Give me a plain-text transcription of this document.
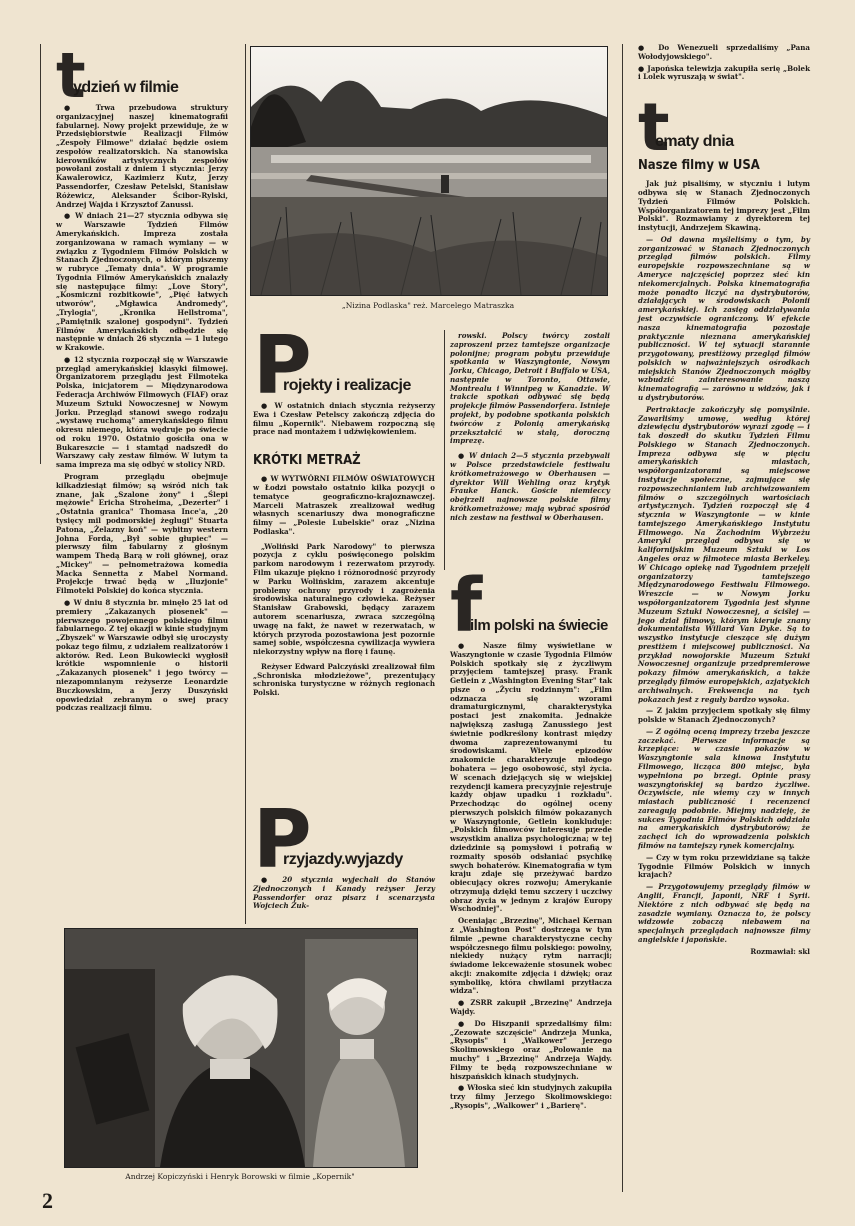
t
ydzień w filmie

● Trwa przebudowa struktury organizacyjnej naszej kinematografii fabularnej. Nowy projekt przewiduje, że w Przedsiębiorstwie Realizacji Filmów „Zespoły Filmowe" działać będzie osiem zespołów realizatorskich. Na stanowiska kierowników artystycznych zespołów powołani zostali z dniem 1 stycznia: Jerzy Kawalerowicz, Kazimierz Kutz, Jerzy Passendorfer, Czesław Petelski, Stanisław Różewicz, Aleksander Ścibor-Rylski, Andrzej Wajda i Krzysztof Zanussi.

● W dniach 21—27 stycznia odbywa się w Warszawie Tydzień Filmów Amerykańskich. Impreza została zorganizowana w ramach wymiany — w związku z Tygodniem Filmów Polskich w Stanach Zjednoczonych, o którym piszemy w rubryce „Tematy dnia". W programie Tygodnia Filmów Amerykańskich znalazły się następujące filmy: „Love Story", „Kosmiczni rozbitkowie", „Pięć łatwych utworów", „Mgławica Andromedy", „Trylogia", „Kronika Hellstroma", „Pamiętnik szalonej gospodyni". Tydzień Filmów Amerykańskich odbędzie się następnie w dniach 26 stycznia — 1 lutego w Krakowie.

● 12 stycznia rozpoczął się w Warszawie przegląd amerykańskiej klasyki filmowej. Organizatorem przeglądu jest Filmoteka Polska, inicjatorem — Międzynarodowa Federacja Archiwów Filmowych (FIAF) oraz Muzeum Sztuki Nowoczesnej w Nowym Jorku. Przegląd stanowi swego rodzaju „wystawę ruchomą" amerykańskiego filmu okresu niemego, która wędruje po świecie od roku 1970. Ostatnio gościła ona w Bukareszcie — i stamtąd nadszedł do Warszawy cały zestaw filmów. W lutym ta sama impreza ma się odbyć w stolicy NRD.

Program przeglądu obejmuje kilkadziesiąt filmów; są wśród nich tak znane, jak „Szalone żony" i „Ślepi mężowie" Ericha Stroheima, „Dezerter" i „Ostatnia granica" Thomasa Ince'a, „20 tysięcy mil podmorskiej żeglugi" Stuarta Patona, „Żelazny koń" — wybitny western Johna Forda, „Był sobie głupiec" — pierwszy film fabularny z głośnym wampem Thedą Barą w roli głównej, oraz „Mickey" — pełnometrażowa komedia Macka Sennetta z Mabel Normand. Projekcje trwać będą w „Iluzjonie" Filmoteki Polskiej do końca stycznia.

● W dniu 8 stycznia br. minęło 25 lat od premiery „Zakazanych piosenek" — pierwszego powojennego polskiego filmu fabularnego. Z tej okazji w kinie studyjnym „Zbyszek" w Warszawie odbył się uroczysty pokaz tego filmu, z udziałem realizatorów i aktorów. Red. Leon Bukowiecki wygłosił krótkie wspomnienie o historii „Zakazanych piosenek" i jego twórcy — niezapomnianym reżyserze Leonardzie Buczkowskim, a Jerzy Duszyński opowiedział zebranym o swej pracy podczas realizacji filmu.

„Nizina Podlaska" reż. Marcelego Matraszka
P
rojekty i realizacje

● W ostatnich dniach stycznia reżyserzy Ewa i Czesław Petelscy zakończą zdjęcia do filmu „Kopernik". Niebawem rozpoczną się prace nad montażem i udźwiękowieniem.

KRÓTKI METRAŻ

● W WYTWÓRNI FILMÓW OŚWIATOWYCH w Łodzi powstało ostatnio kilka pozycji o tematyce geograficzno-krajoznawczej. Marceli Matraszek zrealizował według własnych scenariuszy dwa monograficzne filmy — „Polesie Lubelskie" oraz „Nizina Podlaska".

„Woliński Park Narodowy" to pierwsza pozycja z cyklu poświęconego polskim parkom narodowym i rezerwatom przyrody. Film ukazuje piękno i różnorodność przyrody w Parku Wolińskim, zarazem akcentuje problemy ochrony przyrody i zagrożenia środowiska naturalnego człowieka. Reżyser Stanisław Grabowski, będący zarazem autorem scenariusza, zwraca szczególną uwagę na fakt, że nawet w rezerwatach, w których przyroda pozostawiona jest pozornie samej sobie, współczesna cywilizacja wywiera niekorzystny wpływ na florę i faunę.

Reżyser Edward Palczyński zrealizował film „Schroniska młodzieżowe", prezentujący schroniska turystyczne w różnych regionach Polski.

P
rzyjazdy.wyjazdy

● 20 stycznia wyjechali do Stanów Zjednoczonych i Kanady reżyser Jerzy Passendorfer oraz pisarz i scenarzysta Wojciech Żuk-

rowski. Polscy twórcy zostali zaproszeni przez tamtejsze organizacje polonijne; program pobytu przewiduje spotkania w Waszyngtonie, Nowym Jorku, Chicago, Detroit i Buffalo w USA, następnie w Toronto, Ottawie, Montrealu i Winnipeg w Kanadzie. W trakcie spotkań odbywać się będą projekcje filmów Passendorfera. Istnieje projekt, by podobne spotkania polskich twórców z Polonią amerykańską przekształcić w stałą, doroczną imprezę.

● W dniach 2—5 stycznia przebywali w Polsce przedstawiciele festiwalu krótkometrażowego w Oberhausen — dyrektor Will Wehling oraz krytyk Frauke Hanck. Goście niemieccy obejrzeli najnowsze polskie filmy krótkometrażowe; mają wybrać spośród nich zestaw na festiwal w Oberhausen.

f
ilm polski na świecie

● Nasze filmy wyświetlane w Waszyngtonie w czasie Tygodnia Filmów Polskich spotkały się z życzliwym przyjęciem tamtejszej prasy. Frank Getlein z „Washington Evening Star" tak pisze o „Życiu rodzinnym": „Film odznacza się wzorami dramaturgicznymi, charakterystyka postaci jest znakomita. Jednakże największą zasługą Zanussiego jest świetnie podkreślony kontrast między dwoma zaprezentowanymi tu środowiskami. Wiele epizodów znakomicie charakteryzuje młodego bohatera — jego osobowość, styl życia. W scenach dziejących się w wiejskiej rezydencji kamera precyzyjnie rejestruje każdy objaw upadku i rozkładu". Przechodząc do ogólnej oceny pierwszych polskich filmów pokazanych w Waszyngtonie, Getlein konkluduje: „Polskich filmowców interesuje przede wszystkim analiza psychologiczna; w tej dziedzinie są pomysłowi i potrafią w rozmaity sposób odsłaniać psychikę swych bohaterów. Kinematografia w tym kraju zdaje się przeżywać bardzo obiecujący okres rozwoju; Amerykanie otrzymują dzięki temu szczery i uczciwy obraz życia w jednym z krajów Europy Wschodniej".

Oceniając „Brzezinę", Michael Kernan z „Washington Post" dostrzega w tym filmie „pewne charakterystyczne cechy współczesnego filmu polskiego: powolny, niekiedy nużący rytm narracji; świadome lekceważenie stosunek wobec akcji: znakomite zdjęcia i dźwięk; oraz symbolikę, która chwilami przytłacza widza".

● ZSRR zakupił „Brzezinę" Andrzeja Wajdy.

● Do Hiszpanii sprzedaliśmy film: „Zezowate szczęście" Andrzeja Munka, „Rysopis" i „Walkower" Jerzego Skolimowskiego oraz „Polowanie na muchy" i „Brzezinę" Andrzeja Wajdy. Filmy te będą rozpowszechniane w hiszpańskich kinach studyjnych.

● Włoska sieć kin studyjnych zakupiła trzy filmy Jerzego Skolimowskiego: „Rysopis", „Walkower" i „Barierę".

Andrzej Kopiczyński i Henryk Borowski w filmie „Kopernik"

● Do Wenezueli sprzedaliśmy „Pana Wołodyjowskiego".

● Japońska telewizja zakupiła serię „Bolek i Lolek wyruszają w świat".

t
ematy dnia
Nasze filmy w USA

Jak już pisaliśmy, w styczniu i lutym odbywa się w Stanach Zjednoczonych Tydzień Filmów Polskich. Współorganizatorem tej imprezy jest „Film Polski". Rozmawiamy z dyrektorem tej instytucji, Andrzejem Skawiną.

— Od dawna myśleliśmy o tym, by zorganizować w Stanach Zjednoczonych przegląd filmów polskich. Filmy europejskie rozpowszechniane są w Ameryce najczęściej poprzez sieć kin niekomercjalnych. Polska kinematografia może ponadto liczyć na dystrybutorów, działających w środowiskach Polonii amerykańskiej. Ich zasięg oddziaływania jest oczywiście ograniczony. W efekcie nasza kinematografia pozostaje praktycznie nieznana amerykańskiej publiczności. W tej sytuacji starannie przygotowany, prestiżowy przegląd filmów polskich w najważniejszych ośrodkach miejskich Stanów Zjednoczonych mógłby wzbudzić zainteresowanie naszą kinematografią — zarówno u widzów, jak i u dystrybutorów.

Pertraktacje zakończyły się pomyślnie. Zawarliśmy umowę, według której dziewięciu dystrybutorów wyrazi zgodę — i tak doszedł do skutku Tydzień Filmu Polskiego w Stanach Zjednoczonych. Impreza odbywa się w pięciu amerykańskich miastach, współorganizatorami są miejscowe instytucje społeczne, zajmujące się rozpowszechnianiem lub archiwizowaniem filmów o szczególnych wartościach artystycznych. Tydzień rozpoczął się 4 stycznia w Waszyngtonie — w kinie tamtejszego Amerykańskiego Instytutu Filmowego. Na Zachodnim Wybrzeżu Ameryki przegląd odbywa się w kalifornijskim Muzeum Sztuki w Los Angeles oraz w filmotece miasta Berkeley. W Chicago opiekę nad Tygodniem przejęli organizatorzy tamtejszego Międzynarodowego Festiwalu Filmowego. Wreszcie — w Nowym Jorku współorganizatorem Tygodnia jest słynne Muzeum Sztuki Nowoczesnej, a ściślej — jego dział filmowy, którym kieruje znany dokumentalista Willard Van Dyke. Są to wszystko instytucje cieszące się dużym prestiżem i miejscowej publiczności. Na przykład nowojorskie Muzeum Sztuki Nowoczesnej organizuje przedpremierowe pokazy filmów amerykańskich, a także przeglądy filmów europejskich, azjatyckich archiwalnych. Frekwencja na tych pokazach jest z reguły bardzo wysoka.

— Z jakim przyjęciem spotkały się filmy polskie w Stanach Zjednoczonych?

— Z ogólną oceną imprezy trzeba jeszcze zaczekać. Pierwsze informacje są krzepiące: w czasie pokazów w Waszyngtonie sala kinowa Instytutu Filmowego, licząca 800 miejsc, była wypełniona po brzegi. Opinie prasy waszyngtońskiej są bardzo życzliwe. Oczywiście, nie wiemy czy w innych miastach publiczność i recenzenci zareagują podobnie. Miejmy nadzieję, że sukces Tygodnia Filmów Polskich oddziała na amerykańskich dystrybutorów; że zachęci ich do wprowadzenia polskich filmów na tamtejszy rynek komercjalny.

— Czy w tym roku przewidziane są także Tygodnie Filmów Polskich w innych krajach?

— Przygotowujemy przeglądy filmów w Anglii, Francji, Japonii, NRF i Syrii. Niektóre z nich odbywać się będą na zasadzie wymiany. Oznacza to, że polscy widzowie zobaczą niebawem na specjalnych przeglądach najnowsze filmy angielskie i japońskie.

Rozmawiał: skl

2
